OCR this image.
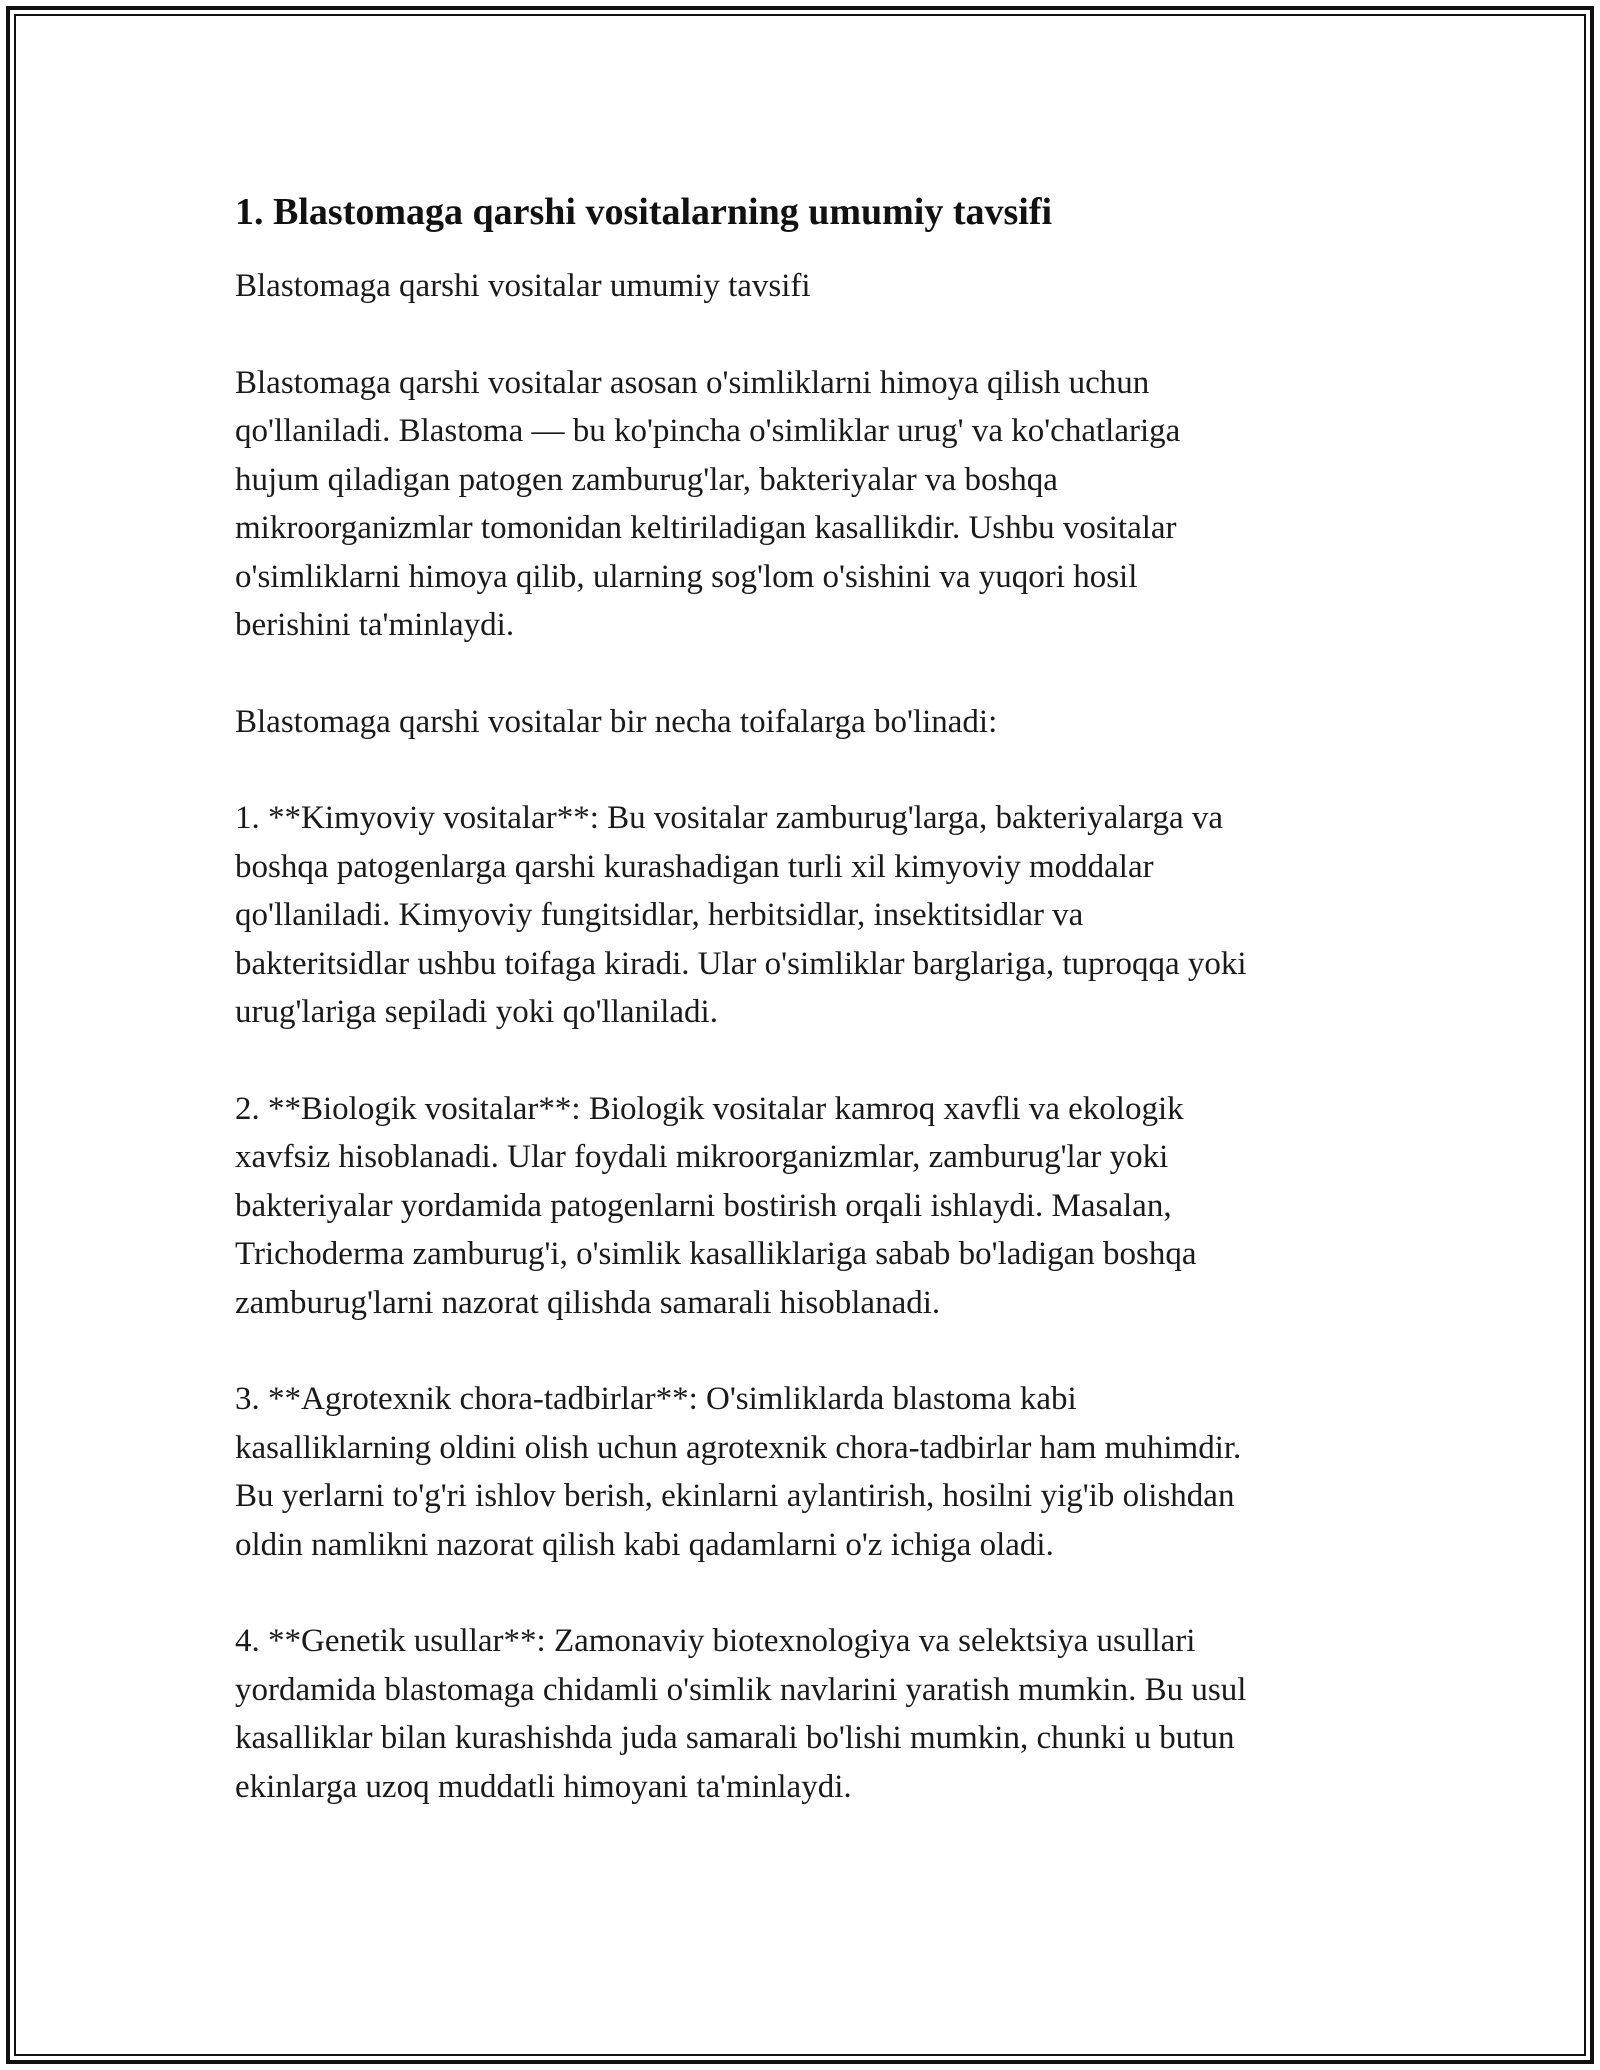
1. Blastomaga qarshi vositalarning umumiy tavsifi

Blastomaga qarshi vositalar umumiy tavsifi

Blastomaga qarshi vositalar asosan o'simliklarni himoya qilish uchun
qo'llaniladi. Blastoma — bu ko'pincha o'simliklar urug' va ko'chatlariga
hujum qiladigan patogen zamburug'lar, bakteriyalar va boshqa
mikroorganizmlar tomonidan keltiriladigan kasallikdir. Ushbu vositalar
o'simliklarni himoya qilib, ularning sog'lom o'sishini va yuqori hosil
berishini ta'minlaydi.

Blastomaga qarshi vositalar bir necha toifalarga bo'linadi:

1. **Kimyoviy vositalar**: Bu vositalar zamburug'larga, bakteriyalarga va
boshqa patogenlarga qarshi kurashadigan turli xil kimyoviy moddalar
qo'llaniladi. Kimyoviy fungitsidlar, herbitsidlar, insektitsidlar va
bakteritsidlar ushbu toifaga kiradi. Ular o'simliklar barglariga, tuproqqa yoki
urug'lariga sepiladi yoki qo'llaniladi.

2. **Biologik vositalar**: Biologik vositalar kamroq xavfli va ekologik
xavfsiz hisoblanadi. Ular foydali mikroorganizmlar, zamburug'lar yoki
bakteriyalar yordamida patogenlarni bostirish orqali ishlaydi. Masalan,
Trichoderma zamburug'i, o'simlik kasalliklariga sabab bo'ladigan boshqa
zamburug'larni nazorat qilishda samarali hisoblanadi.

3. **Agrotexnik chora-tadbirlar**: O'simliklarda blastoma kabi
kasalliklarning oldini olish uchun agrotexnik chora-tadbirlar ham muhimdir.
Bu yerlarni to'g'ri ishlov berish, ekinlarni aylantirish, hosilni yig'ib olishdan
oldin namlikni nazorat qilish kabi qadamlarni o'z ichiga oladi.

4. **Genetik usullar**: Zamonaviy biotexnologiya va selektsiya usullari
yordamida blastomaga chidamli o'simlik navlarini yaratish mumkin. Bu usul
kasalliklar bilan kurashishda juda samarali bo'lishi mumkin, chunki u butun
ekinlarga uzoq muddatli himoyani ta'minlaydi.
